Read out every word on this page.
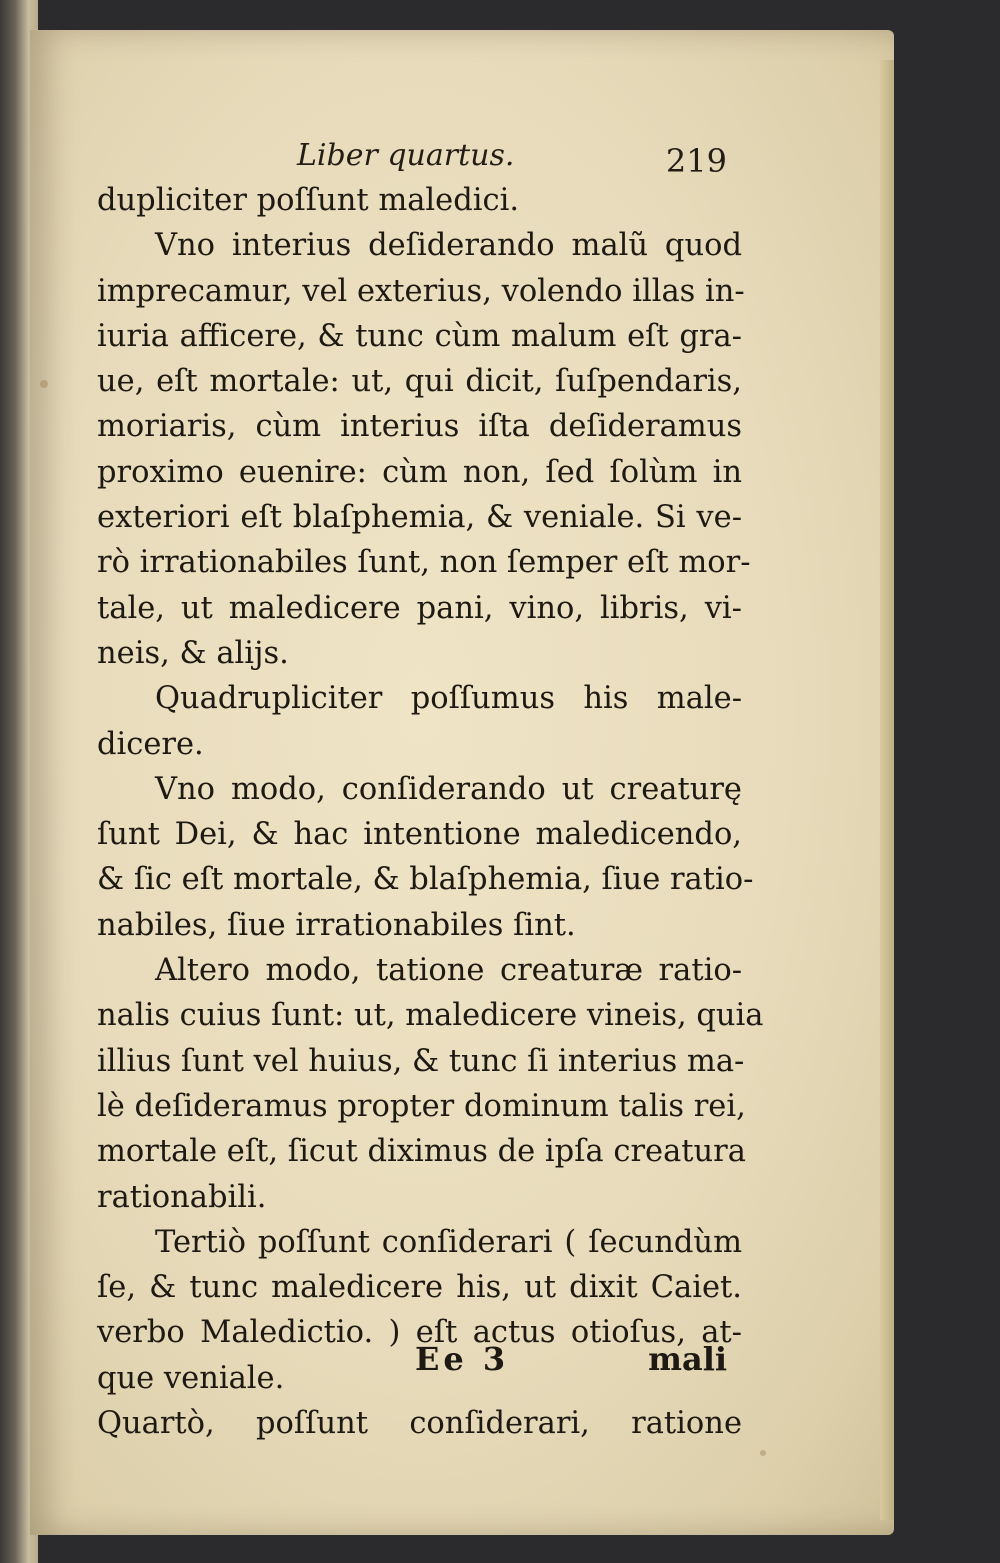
Liber quartus.	219
dupliciter poſſunt maledici.
Vno interius deſiderando malũ quod
imprecamur, vel exterius, volendo illas in-
iuria afficere, & tunc cùm malum eſt gra-
ue, eſt mortale: ut, qui dicit, ſuſpendaris,
moriaris, cùm interius iſta deſideramus
proximo euenire: cùm non, ſed ſolùm in
exteriori eſt blaſphemia, & veniale. Si ve-
rò irrationabiles ſunt, non ſemper eſt mor-
tale, ut maledicere pani, vino, libris, vi-
neis, & alijs.
Quadrupliciter poſſumus his male-
dicere.
Vno modo, conſiderando ut creaturę
ſunt Dei, & hac intentione maledicendo,
& ſic eſt mortale, & blaſphemia, ſiue ratio-
nabiles, ſiue irrationabiles ſint.
Altero modo, tatione creaturæ ratio-
nalis cuius ſunt: ut, maledicere vineis, quia
illius ſunt vel huius, & tunc ſi interius ma-
lè deſideramus propter dominum talis rei,
mortale eſt, ſicut diximus de ipſa creatura
rationabili.
Tertiò poſſunt conſiderari ( ſecundùm
ſe, & tunc maledicere his, ut dixit Caiet.
verbo Maledictio. ) eſt actus otioſus, at-
que veniale.
Quartò, poſſunt conſiderari, ratione
Ee 3	mali
